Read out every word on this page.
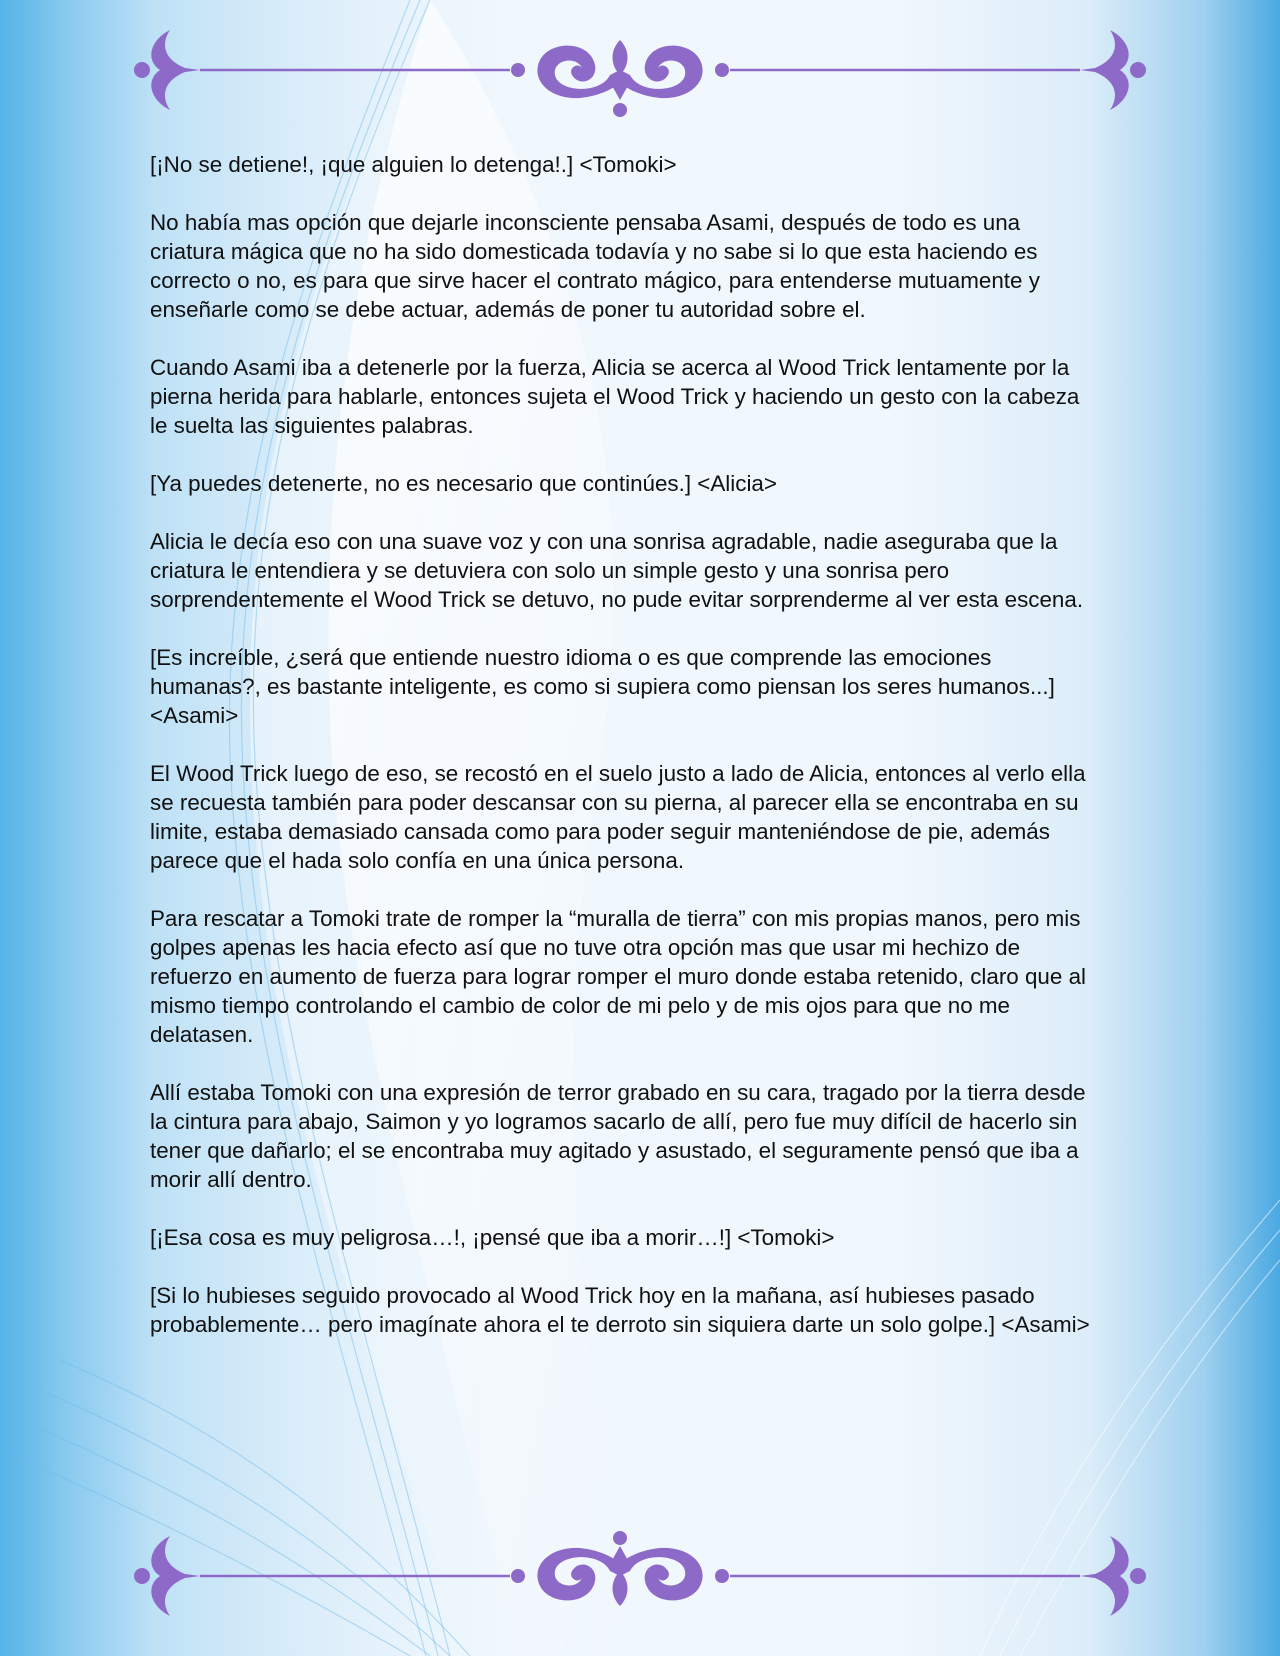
[¡No se detiene!, ¡que alguien lo detenga!.] <Tomoki>

No había mas opción que dejarle inconsciente pensaba Asami, después de todo es una criatura mágica que no ha sido domesticada todavía y no sabe si lo que esta haciendo es correcto o no, es para que sirve hacer el contrato mágico, para entenderse mutuamente y enseñarle como se debe actuar, además de poner tu autoridad sobre el.

Cuando Asami iba a detenerle por la fuerza, Alicia se acerca al Wood Trick lentamente por la pierna herida para hablarle, entonces sujeta el Wood Trick y haciendo un gesto con la cabeza le suelta las siguientes palabras.

[Ya puedes detenerte, no es necesario que continúes.] <Alicia>

Alicia le decía eso con una suave voz y con una sonrisa agradable, nadie aseguraba que la criatura le entendiera y se detuviera con solo un simple gesto y una sonrisa pero sorprendentemente el Wood Trick se detuvo, no pude evitar sorprenderme al ver esta escena.

[Es increíble, ¿será que entiende nuestro idioma o es que comprende las emociones humanas?, es bastante inteligente, es como si supiera como piensan los seres humanos...] <Asami>

El Wood Trick luego de eso, se recostó en el suelo justo a lado de Alicia, entonces al verlo ella se recuesta también para poder descansar con su pierna, al parecer ella se encontraba en su limite, estaba demasiado cansada como para poder seguir manteniéndose de pie, además parece que el hada solo confía en una única persona.

Para rescatar a Tomoki trate de romper la “muralla de tierra” con mis propias manos, pero mis golpes apenas les hacia efecto así que no tuve otra opción mas que usar mi hechizo de refuerzo en aumento de fuerza para lograr romper el muro donde estaba retenido, claro que al mismo tiempo controlando el cambio de color de mi pelo y de mis ojos para que no me delatasen.

Allí estaba Tomoki con una expresión de terror grabado en su cara, tragado por la tierra desde la cintura para abajo, Saimon y yo logramos sacarlo de allí, pero fue muy difícil de hacerlo sin tener que dañarlo; el se encontraba muy agitado y asustado, el seguramente pensó que iba a morir allí dentro.

[¡Esa cosa es muy peligrosa…!, ¡pensé que iba a morir…!] <Tomoki>

[Si lo hubieses seguido provocado al Wood Trick hoy en la mañana, así hubieses pasado probablemente… pero imagínate ahora el te derroto sin siquiera darte un solo golpe.] <Asami>
